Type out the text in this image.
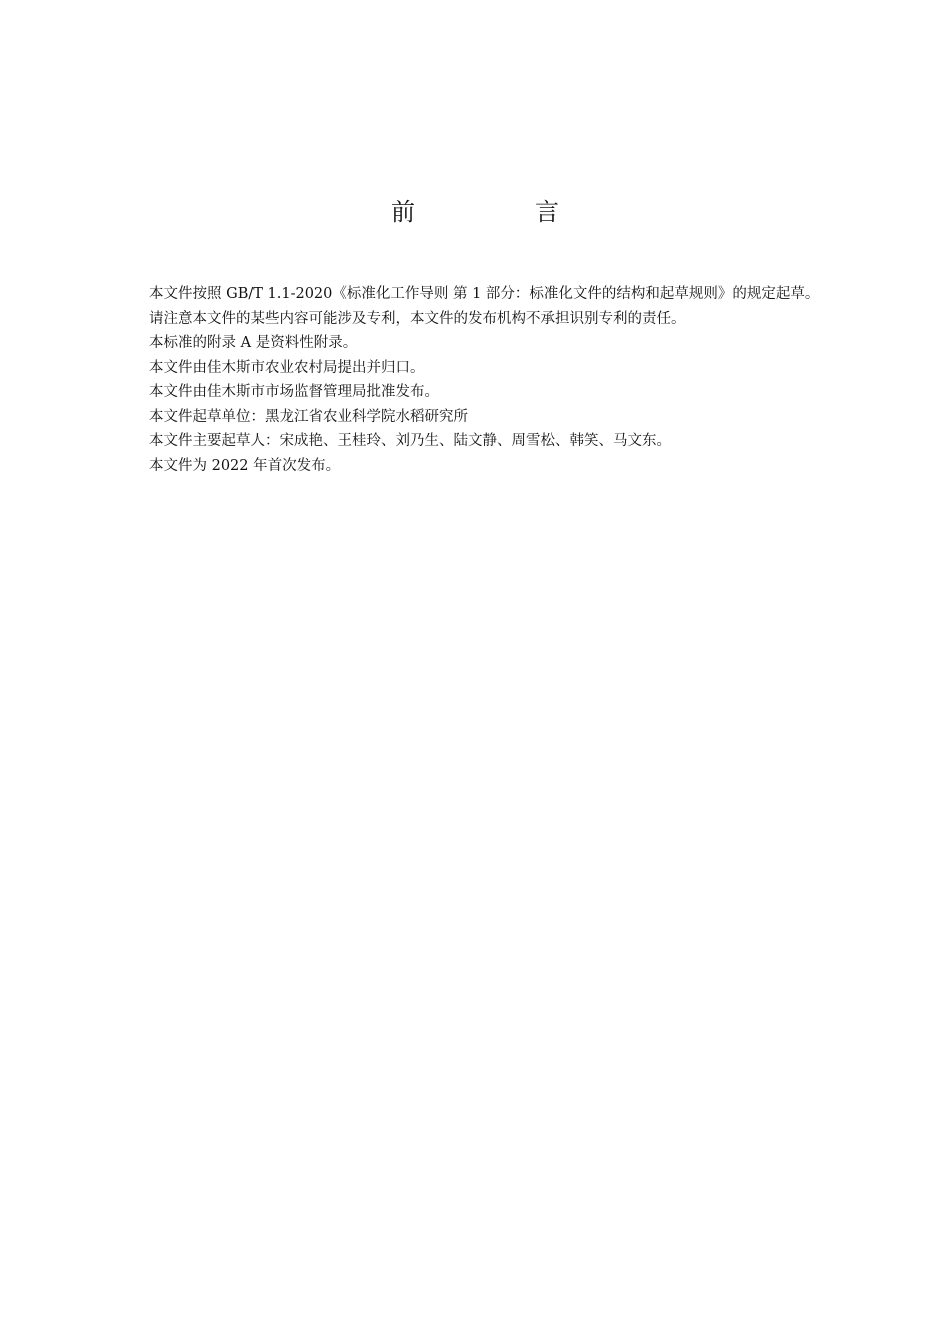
前　言

本文件按照 GB/T 1.1-2020《标准化工作导则 第 1 部分：标准化文件的结构和起草规则》的规定起草。

请注意本文件的某些内容可能涉及专利，本文件的发布机构不承担识别专利的责任。

本标准的附录 A 是资料性附录。

本文件由佳木斯市农业农村局提出并归口。

本文件由佳木斯市市场监督管理局批准发布。

本文件起草单位：黑龙江省农业科学院水稻研究所

本文件主要起草人：宋成艳、王桂玲、刘乃生、陆文静、周雪松、韩笑、马文东。

本文件为 2022 年首次发布。
